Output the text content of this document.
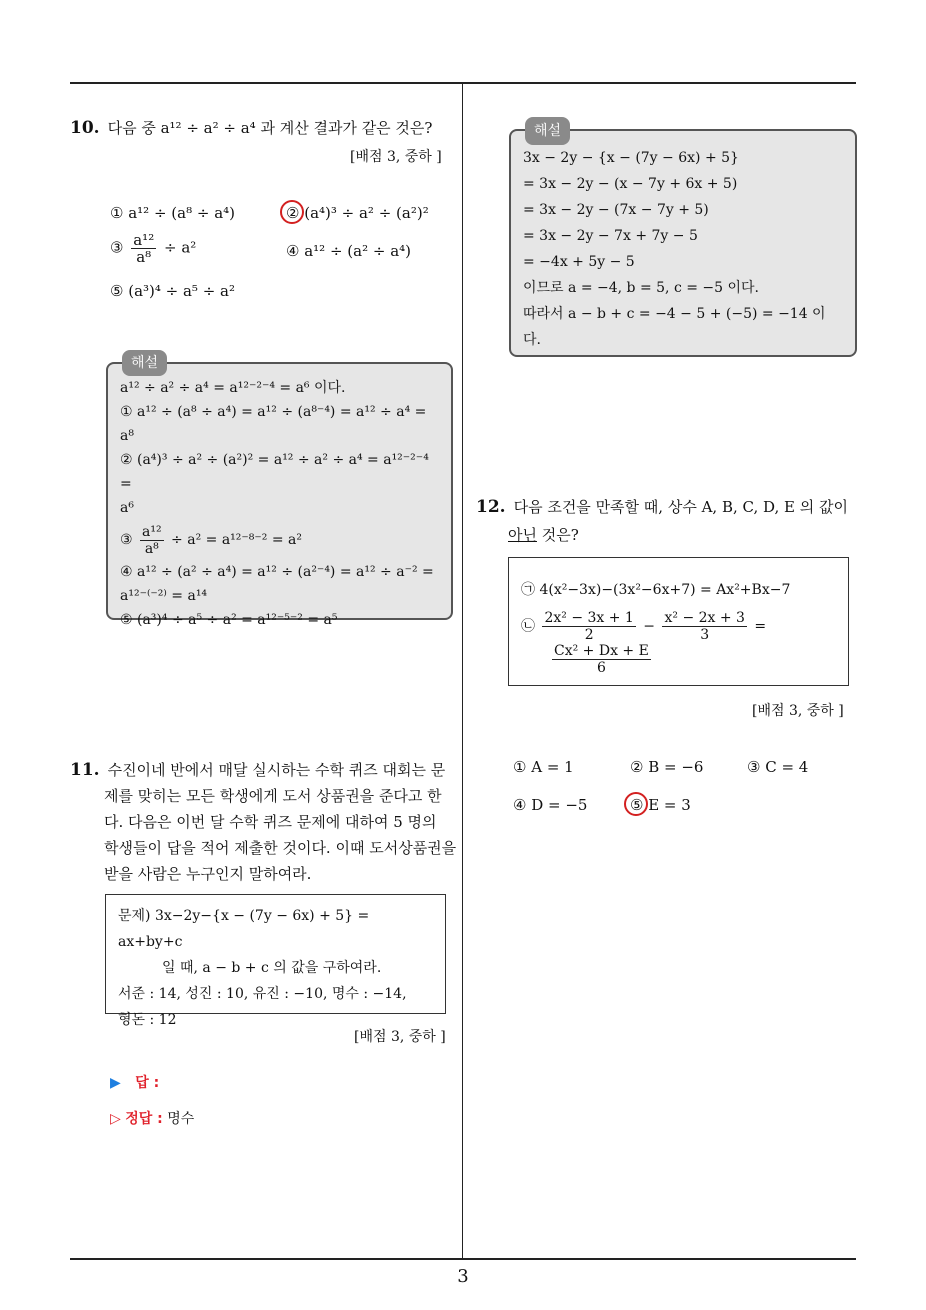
10. 다음 중 a¹² ÷ a² ÷ a⁴ 과 계산 결과가 같은 것은?
[배점 3, 중하 ]
① a¹² ÷ (a⁸ ÷ a⁴)	② (a⁴)³ ÷ a² ÷ (a²)²
③ $\frac{\text{a¹²}}{\text{a⁸}} \div a^2$	④ a¹² ÷ (a² ÷ a⁴)
⑤ (a³)⁴ ÷ a⁵ ÷ a²
해설
a¹² ÷ a² ÷ a⁴ = a¹²⁻²⁻⁴ = a⁶ 이다.
① a¹² ÷ (a⁸ ÷ a⁴) = a¹² ÷ (a⁸⁻⁴) = a¹² ÷ a⁴ = a⁸
② (a⁴)³ ÷ a² ÷ (a²)² = a¹² ÷ a² ÷ a⁴ = a¹²⁻²⁻⁴ =
a⁶
③ $\frac{\text{a¹²}}{\text{a⁸}} \div a^2 = a^{12-8-2} = a^2$
④ a¹² ÷ (a² ÷ a⁴) = a¹² ÷ (a²⁻⁴) = a¹² ÷ a⁻² =
a¹²⁻⁽⁻²⁾ = a¹⁴
⑤ (a³)⁴ ÷ a⁵ ÷ a² = a¹²⁻⁵⁻² = a⁵
11. 수진이네 반에서 매달 실시하는 수학 퀴즈 대회는 문
제를 맞히는 모든 학생에게 도서 상품권을 준다고 한
다. 다음은 이번 달 수학 퀴즈 문제에 대하여 5 명의
학생들이 답을 적어 제출한 것이다. 이때 도서상품권을
받을 사람은 누구인지 말하여라.
문제) 3x−2y−{x − (7y − 6x) + 5} = ax+by+c
일 때, a − b + c 의 값을 구하여라.
서준 : 14, 성진 : 10, 유진 : −10, 명수 : −14,
형돈 : 12
[배점 3, 중하 ]
▶ 답 :
▷ 정답 : 명수
해설
3x − 2y − {x − (7y − 6x) + 5}
= 3x − 2y − (x − 7y + 6x + 5)
= 3x − 2y − (7x − 7y + 5)
= 3x − 2y − 7x + 7y − 5
= −4x + 5y − 5
이므로 a = −4, b = 5, c = −5 이다.
따라서 a − b + c = −4 − 5 + (−5) = −14 이다.
12. 다음 조건을 만족할 때, 상수 A, B, C, D, E 의 값이
아닌 것은?
㉠ 4(x²−3x)−(3x²−6x+7) = Ax²+Bx−7
㉡ $\frac{\text{2x² − 3x + 1}}{2} - \frac{\text{x² − 2x + 3}}{3}$ =
$\frac{\text{Cx² + Dx + E}}{6}$
[배점 3, 중하 ]
① A = 1	② B = −6	③ C = 4
④ D = −5	⑤ E = 3
3
